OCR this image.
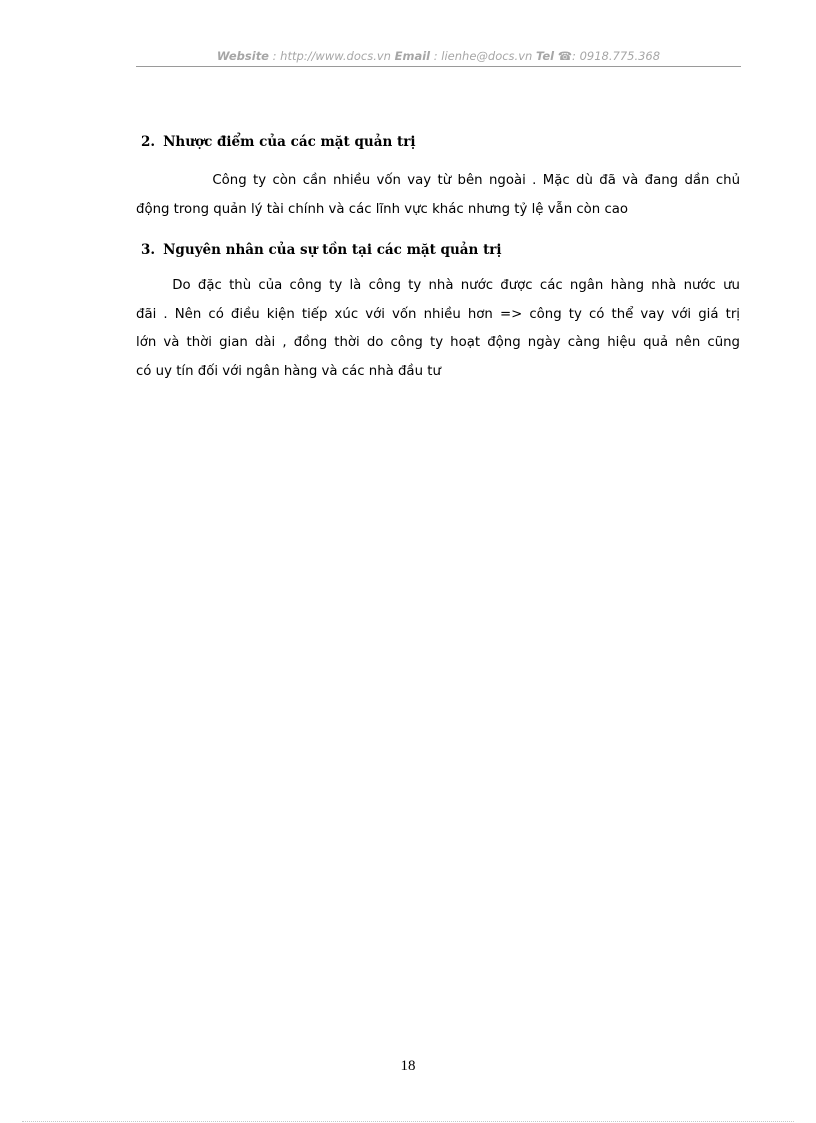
Website : http://www.docs.vn Email : lienhe@docs.vn Tel ☎: 0918.775.368
2. Nhược điểm của các mặt quản trị
Công ty còn cần nhiều vốn vay từ bên ngoài . Mặc dù đã và đang dần chủ
động trong quản lý tài chính và các lĩnh vực khác nhưng tỷ lệ vẫn còn cao
3. Nguyên nhân của sự tồn tại các mặt quản trị
Do đặc thù của công ty là công ty nhà nước được các ngân hàng nhà nước ưu
đãi . Nên có điều kiện tiếp xúc với vốn nhiều hơn => công ty có thể vay với giá trị
lớn và thời gian dài , đồng thời do công ty hoạt động ngày càng hiệu quả nên cũng
có uy tín đối với ngân hàng và các nhà đầu tư
18
